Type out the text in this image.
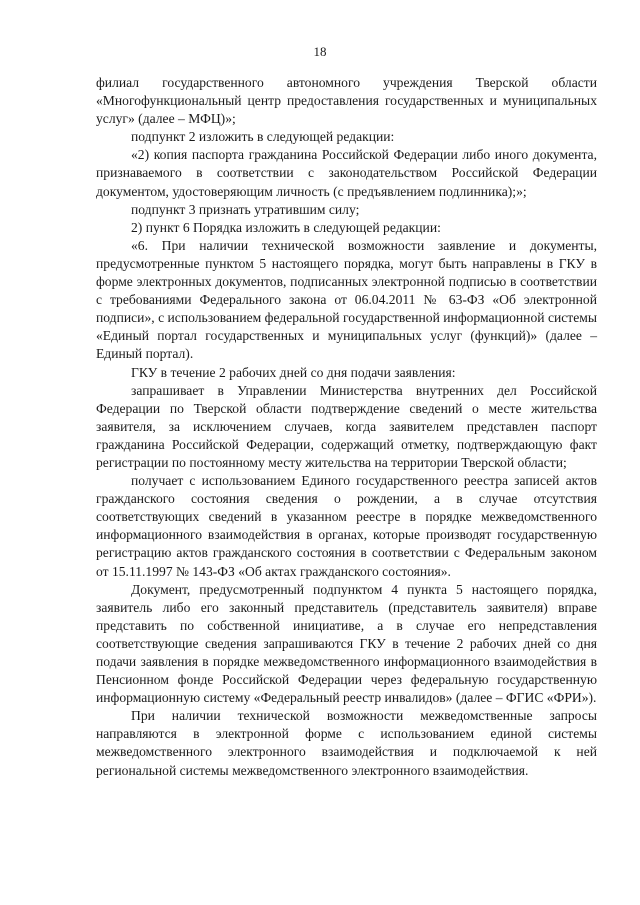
18

филиал государственного автономного учреждения Тверской области «Многофункциональный центр предоставления государственных и муниципальных услуг» (далее – МФЦ)»;

подпункт 2 изложить в следующей редакции:

«2) копия паспорта гражданина Российской Федерации либо иного документа, признаваемого в соответствии с законодательством Российской Федерации документом, удостоверяющим личность (с предъявлением подлинника);»;

подпункт 3 признать утратившим силу;

2) пункт 6 Порядка изложить в следующей редакции:

«6. При наличии технической возможности заявление и документы, предусмотренные пунктом 5 настоящего порядка, могут быть направлены в ГКУ в форме электронных документов, подписанных электронной подписью в соответствии с требованиями Федерального закона от 06.04.2011 № 63-ФЗ «Об электронной подписи», с использованием федеральной государственной информационной системы «Единый портал государственных и муниципальных услуг (функций)» (далее – Единый портал).

ГКУ в течение 2 рабочих дней со дня подачи заявления:

запрашивает в Управлении Министерства внутренних дел Российской Федерации по Тверской области подтверждение сведений о месте жительства заявителя, за исключением случаев, когда заявителем представлен паспорт гражданина Российской Федерации, содержащий отметку, подтверждающую факт регистрации по постоянному месту жительства на территории Тверской области;

получает с использованием Единого государственного реестра записей актов гражданского состояния сведения о рождении, а в случае отсутствия соответствующих сведений в указанном реестре в порядке межведомственного информационного взаимодействия в органах, которые производят государственную регистрацию актов гражданского состояния в соответствии с Федеральным законом от 15.11.1997 № 143-ФЗ «Об актах гражданского состояния».

Документ, предусмотренный подпунктом 4 пункта 5 настоящего порядка, заявитель либо его законный представитель (представитель заявителя) вправе представить по собственной инициативе, а в случае его непредставления соответствующие сведения запрашиваются ГКУ в течение 2 рабочих дней со дня подачи заявления в порядке межведомственного информационного взаимодействия в Пенсионном фонде Российской Федерации через федеральную государственную информационную систему «Федеральный реестр инвалидов» (далее – ФГИС «ФРИ»).

При наличии технической возможности межведомственные запросы направляются в электронной форме с использованием единой системы межведомственного электронного взаимодействия и подключаемой к ней региональной системы межведомственного электронного взаимодействия.
